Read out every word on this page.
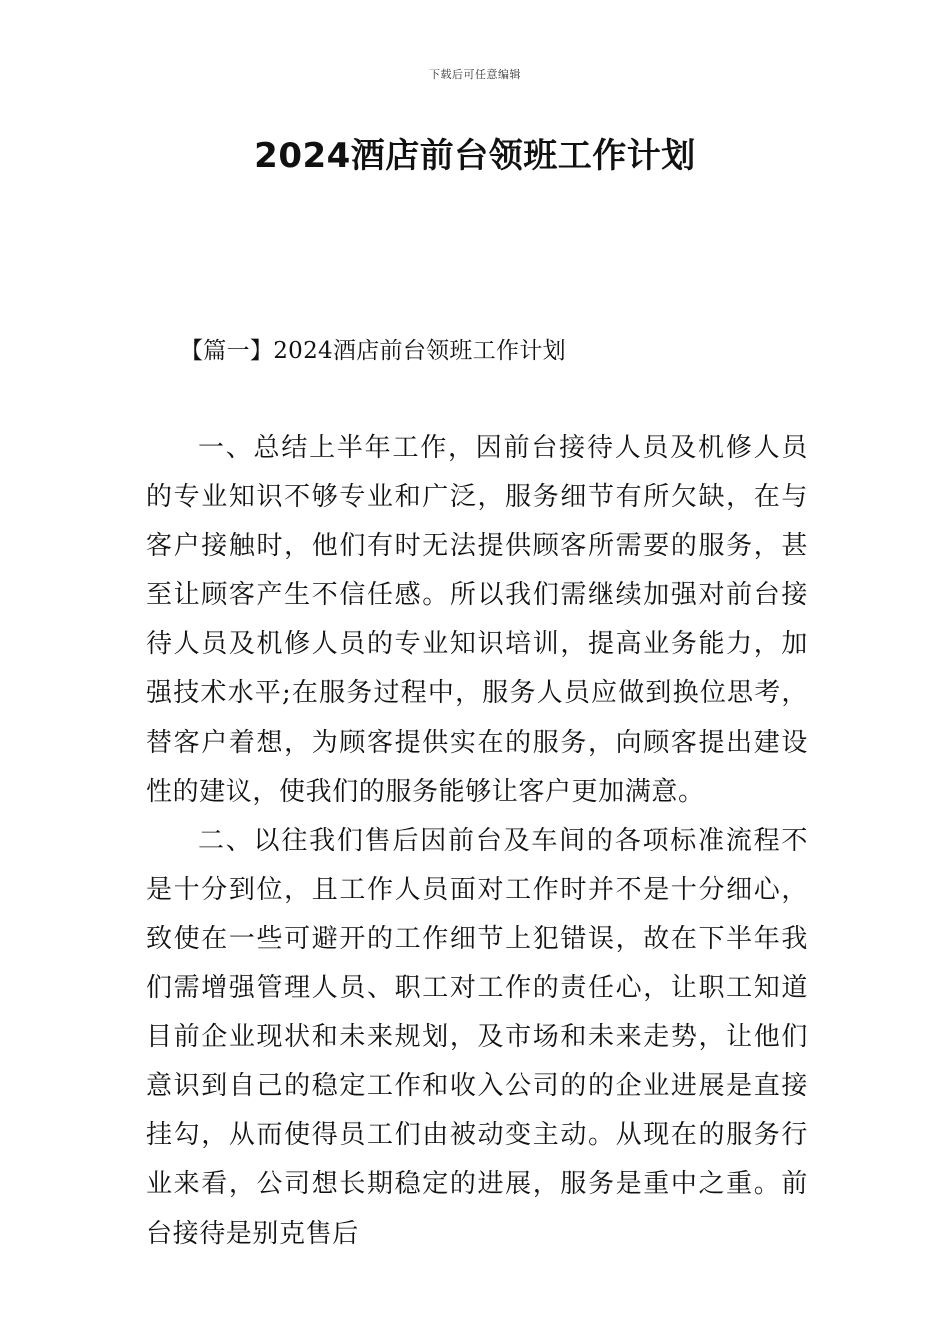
下载后可任意编辑
2024酒店前台领班工作计划
【篇一】2024酒店前台领班工作计划

一、总结上半年工作，因前台接待人员及机修人员的专业知识不够专业和广泛，服务细节有所欠缺，在与客户接触时，他们有时无法提供顾客所需要的服务，甚至让顾客产生不信任感。所以我们需继续加强对前台接待人员及机修人员的专业知识培训，提高业务能力，加强技术水平;在服务过程中，服务人员应做到换位思考，替客户着想，为顾客提供实在的服务，向顾客提出建设性的建议，使我们的服务能够让客户更加满意。

二、以往我们售后因前台及车间的各项标准流程不是十分到位，且工作人员面对工作时并不是十分细心，致使在一些可避开的工作细节上犯错误，故在下半年我们需增强管理人员、职工对工作的责任心，让职工知道目前企业现状和未来规划，及市场和未来走势，让他们意识到自己的稳定工作和收入公司的的企业进展是直接挂勾，从而使得员工们由被动变主动。从现在的服务行业来看，公司想长期稳定的进展，服务是重中之重。前台接待是别克售后
